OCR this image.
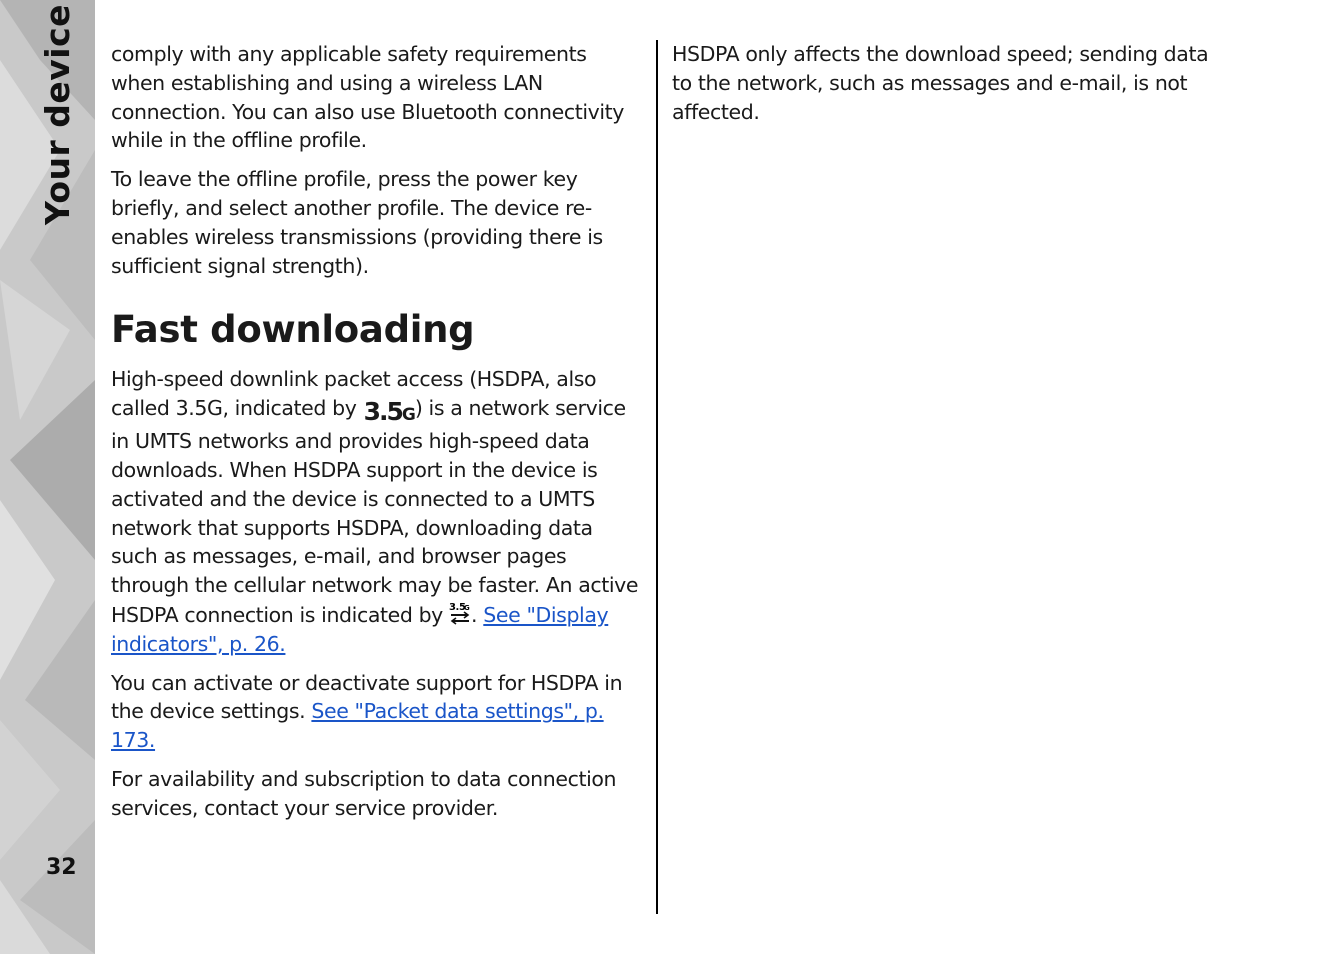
Your device
32

comply with any applicable safety requirements when establishing and using a wireless LAN connection. You can also use Bluetooth connectivity while in the offline profile.

To leave the offline profile, press the power key briefly, and select another profile. The device re-enables wireless transmissions (providing there is sufficient signal strength).

Fast downloading

High-speed downlink packet access (HSDPA, also called 3.5G, indicated by 3.5G) is a network service in UMTS networks and provides high-speed data downloads. When HSDPA support in the device is activated and the device is connected to a UMTS network that supports HSDPA, downloading data such as messages, e-mail, and browser pages through the cellular network may be faster. An active HSDPA connection is indicated by 3.5
G . See "Display indicators", p. 26.

You can activate or deactivate support for HSDPA in the device settings. See "Packet data settings", p. 173.

For availability and subscription to data connection services, contact your service provider.

HSDPA only affects the download speed; sending data to the network, such as messages and e-mail, is not affected.
